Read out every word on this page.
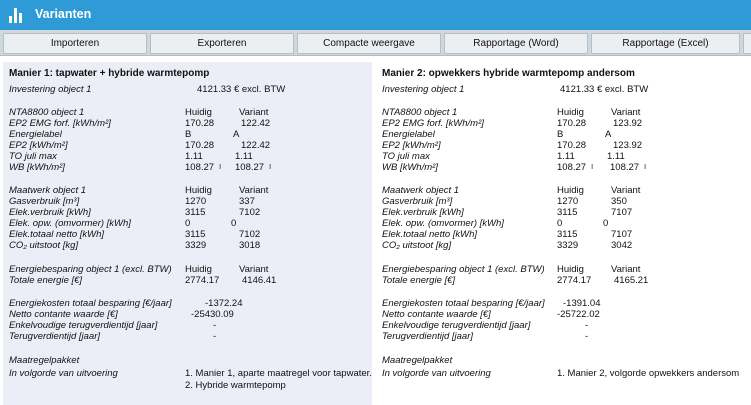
Varianten
Importeren	Exporteren	Compacte weergave	Rapportage (Word)	Rapportage (Excel)
Manier 1: tapwater + hybride warmtepomp
Investering object 1	4121.33 € excl. BTW
NTA8800 object 1	Huidig	Variant
EP2 EMG forf. [kWh/m²]	170.28	122.42
Energielabel	B	A
EP2 [kWh/m²]	170.28	122.42
TO juli max	1.11	1.11
WB [kWh/m²]	108.27 I 108.27 I
Maatwerk object 1	Huidig	Variant
Gasverbruik [m³]	1270	337
Elek.verbruik [kWh]	3115	7102
Elek. opw. (omvormer) [kWh]	0	0
Elek.totaal netto [kWh]	3115	7102
CO₂ uitstoot [kg]	3329	3018
Energiebesparing object 1 (excl. BTW) Huidig	Variant
Totale energie [€]	2774.17 4146.41
Energiekosten totaal besparing [€/jaar]	-1372.24
Netto contante waarde [€]	-25430.09
Enkelvoudige terugverdientijd [jaar]	-
Terugverdientijd [jaar]	-
Maatregelpakket
In volgorde van uitvoering	1. Manier 1, aparte maatregel voor tapwater.
2. Hybride warmtepomp
Manier 2: opwekkers hybride warmtepomp andersom
Investering object 1	4121.33 € excl. BTW
NTA8800 object 1	Huidig	Variant
EP2 EMG forf. [kWh/m²]	170.28	123.92
Energielabel	B	A
EP2 [kWh/m²]	170.28	123.92
TO juli max	1.11	1.11
WB [kWh/m²]	108.27 I 108.27 I
Maatwerk object 1	Huidig	Variant
Gasverbruik [m³]	1270	350
Elek.verbruik [kWh]	3115	7107
Elek. opw. (omvormer) [kWh]	0	0
Elek.totaal netto [kWh]	3115	7107
CO₂ uitstoot [kg]	3329	3042
Energiebesparing object 1 (excl. BTW) Huidig	Variant
Totale energie [€]	2774.17 4165.21
Energiekosten totaal besparing [€/jaar] -1391.04
Netto contante waarde [€]	-25722.02
Enkelvoudige terugverdientijd [jaar]	-
Terugverdientijd [jaar]	-
Maatregelpakket
In volgorde van uitvoering	1. Manier 2, volgorde opwekkers andersom
